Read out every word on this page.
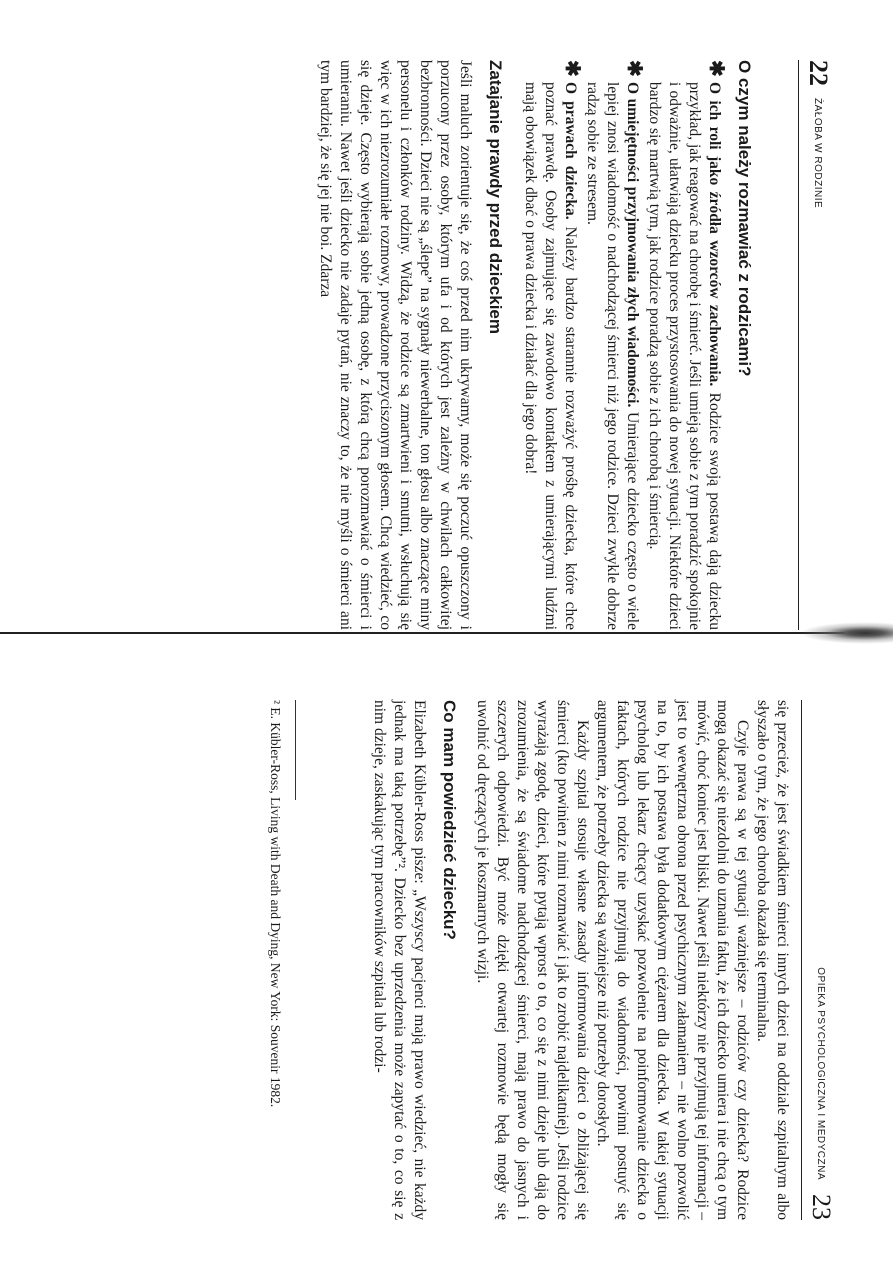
22
ŻAŁOBA W RODZINIE
O czym należy rozmawiać z rodzicami?
✱
O ich roli jako źródła wzorców zachowania. Rodzice swoją postawą dają dziecku przykład, jak reagować na chorobę i śmierć. Jeśli umieją sobie z tym poradzić spokojnie i odważnie, ułatwiają dziecku proces przystosowania do nowej sytuacji. Niektóre dzieci bardzo się martwią tym, jak rodzice poradzą sobie z ich chorobą i śmiercią.
✱
O umiejętności przyjmowania złych wiadomości. Umierające dziecko często o wiele lepiej znosi wiadomość o nadchodzącej śmierci niż jego rodzice. Dzieci zwykle dobrze radzą sobie ze stresem.
✱
O prawach dziecka. Należy bardzo starannie rozważyć prośbę dziecka, które chce poznać prawdę. Osoby zajmujące się zawodowo kontaktem z umierającymi ludźmi mają obowiązek dbać o prawa dziecka i działać dla jego dobra!
Zatajanie prawdy przed dzieckiem

Jeśli maluch zorientuje się, że coś przed nim ukrywamy, może się poczuć opuszczony i porzucony przez osoby, którym ufa i od których jest zależny w chwilach całkowitej bezbronności. Dzieci nie są „ślepe” na sygnały niewerbalne, ton głosu albo znaczące miny personelu i członków rodziny. Widzą, że rodzice są zmartwieni i smutni, wsłuchują się więc w ich niezrozumiałe rozmowy, prowadzone przyciszonym głosem. Chcą wiedzieć, co się dzieje. Często wybierają sobie jedną osobę, z którą chcą porozmawiać o śmierci i umieraniu. Nawet jeśli dziecko nie zadaje pytań, nie znaczy to, że nie myśli o śmierci ani tym bardziej, że się jej nie boi. Zdarza

OPIEKA PSYCHOLOGICZNA I MEDYCZNA
23

się przecież, że jest świadkiem śmierci innych dzieci na oddziale szpitalnym albo słyszało o tym, że jego choroba okazała się terminalna.

Czyje prawa są w tej sytuacji ważniejsze – rodziców czy dziecka? Rodzice mogą okazać się niezdolni do uznania faktu, że ich dziecko umiera i nie chcą o tym mówić, choć koniec jest bliski. Nawet jeśli niektórzy nie przyjmują tej informacji – jest to wewnętrzna obrona przed psychicznym załamaniem – nie wolno pozwolić na to, by ich postawa była dodatkowym ciężarem dla dziecka. W takiej sytuacji psycholog lub lekarz chcący uzyskać pozwolenie na poinformowanie dziecka o faktach, których rodzice nie przyjmują do wiadomości, powinni postuyć się argumentem, że potrzeby dziecka są ważniejsze niż potrzeby dorosłych.

Każdy szpital stosuje własne zasady informowania dzieci o zbliżającej się śmierci (kto powinien z nimi rozmawiać i jak to zrobić najdelikatniej). Jeśli rodzice wyrażają zgodę, dzieci, które pytają wprost o to, co się z nimi dzieje lub dają do zrozumienia, że są świadome nadchodzącej śmierci, mają prawo do jasnych i szczerych odpowiedzi. Być może dzięki otwartej rozmowie będą mogły się uwolnić od dręczących je koszmarnych wizji.

Co mam powiedzieć dziecku?

Elizabeth Kübler-Ross pisze: „Wszyscy pacjenci mają prawo wiedzieć, nie każdy jednak ma taką potrzebę”². Dziecko bez uprzedzenia może zapytać o to, co się z nim dzieje, zaskakując tym pracowników szpitala lub rodzi-

² E. Kübler-Ross, Living with Death and Dying, New York: Souvenir 1982.
